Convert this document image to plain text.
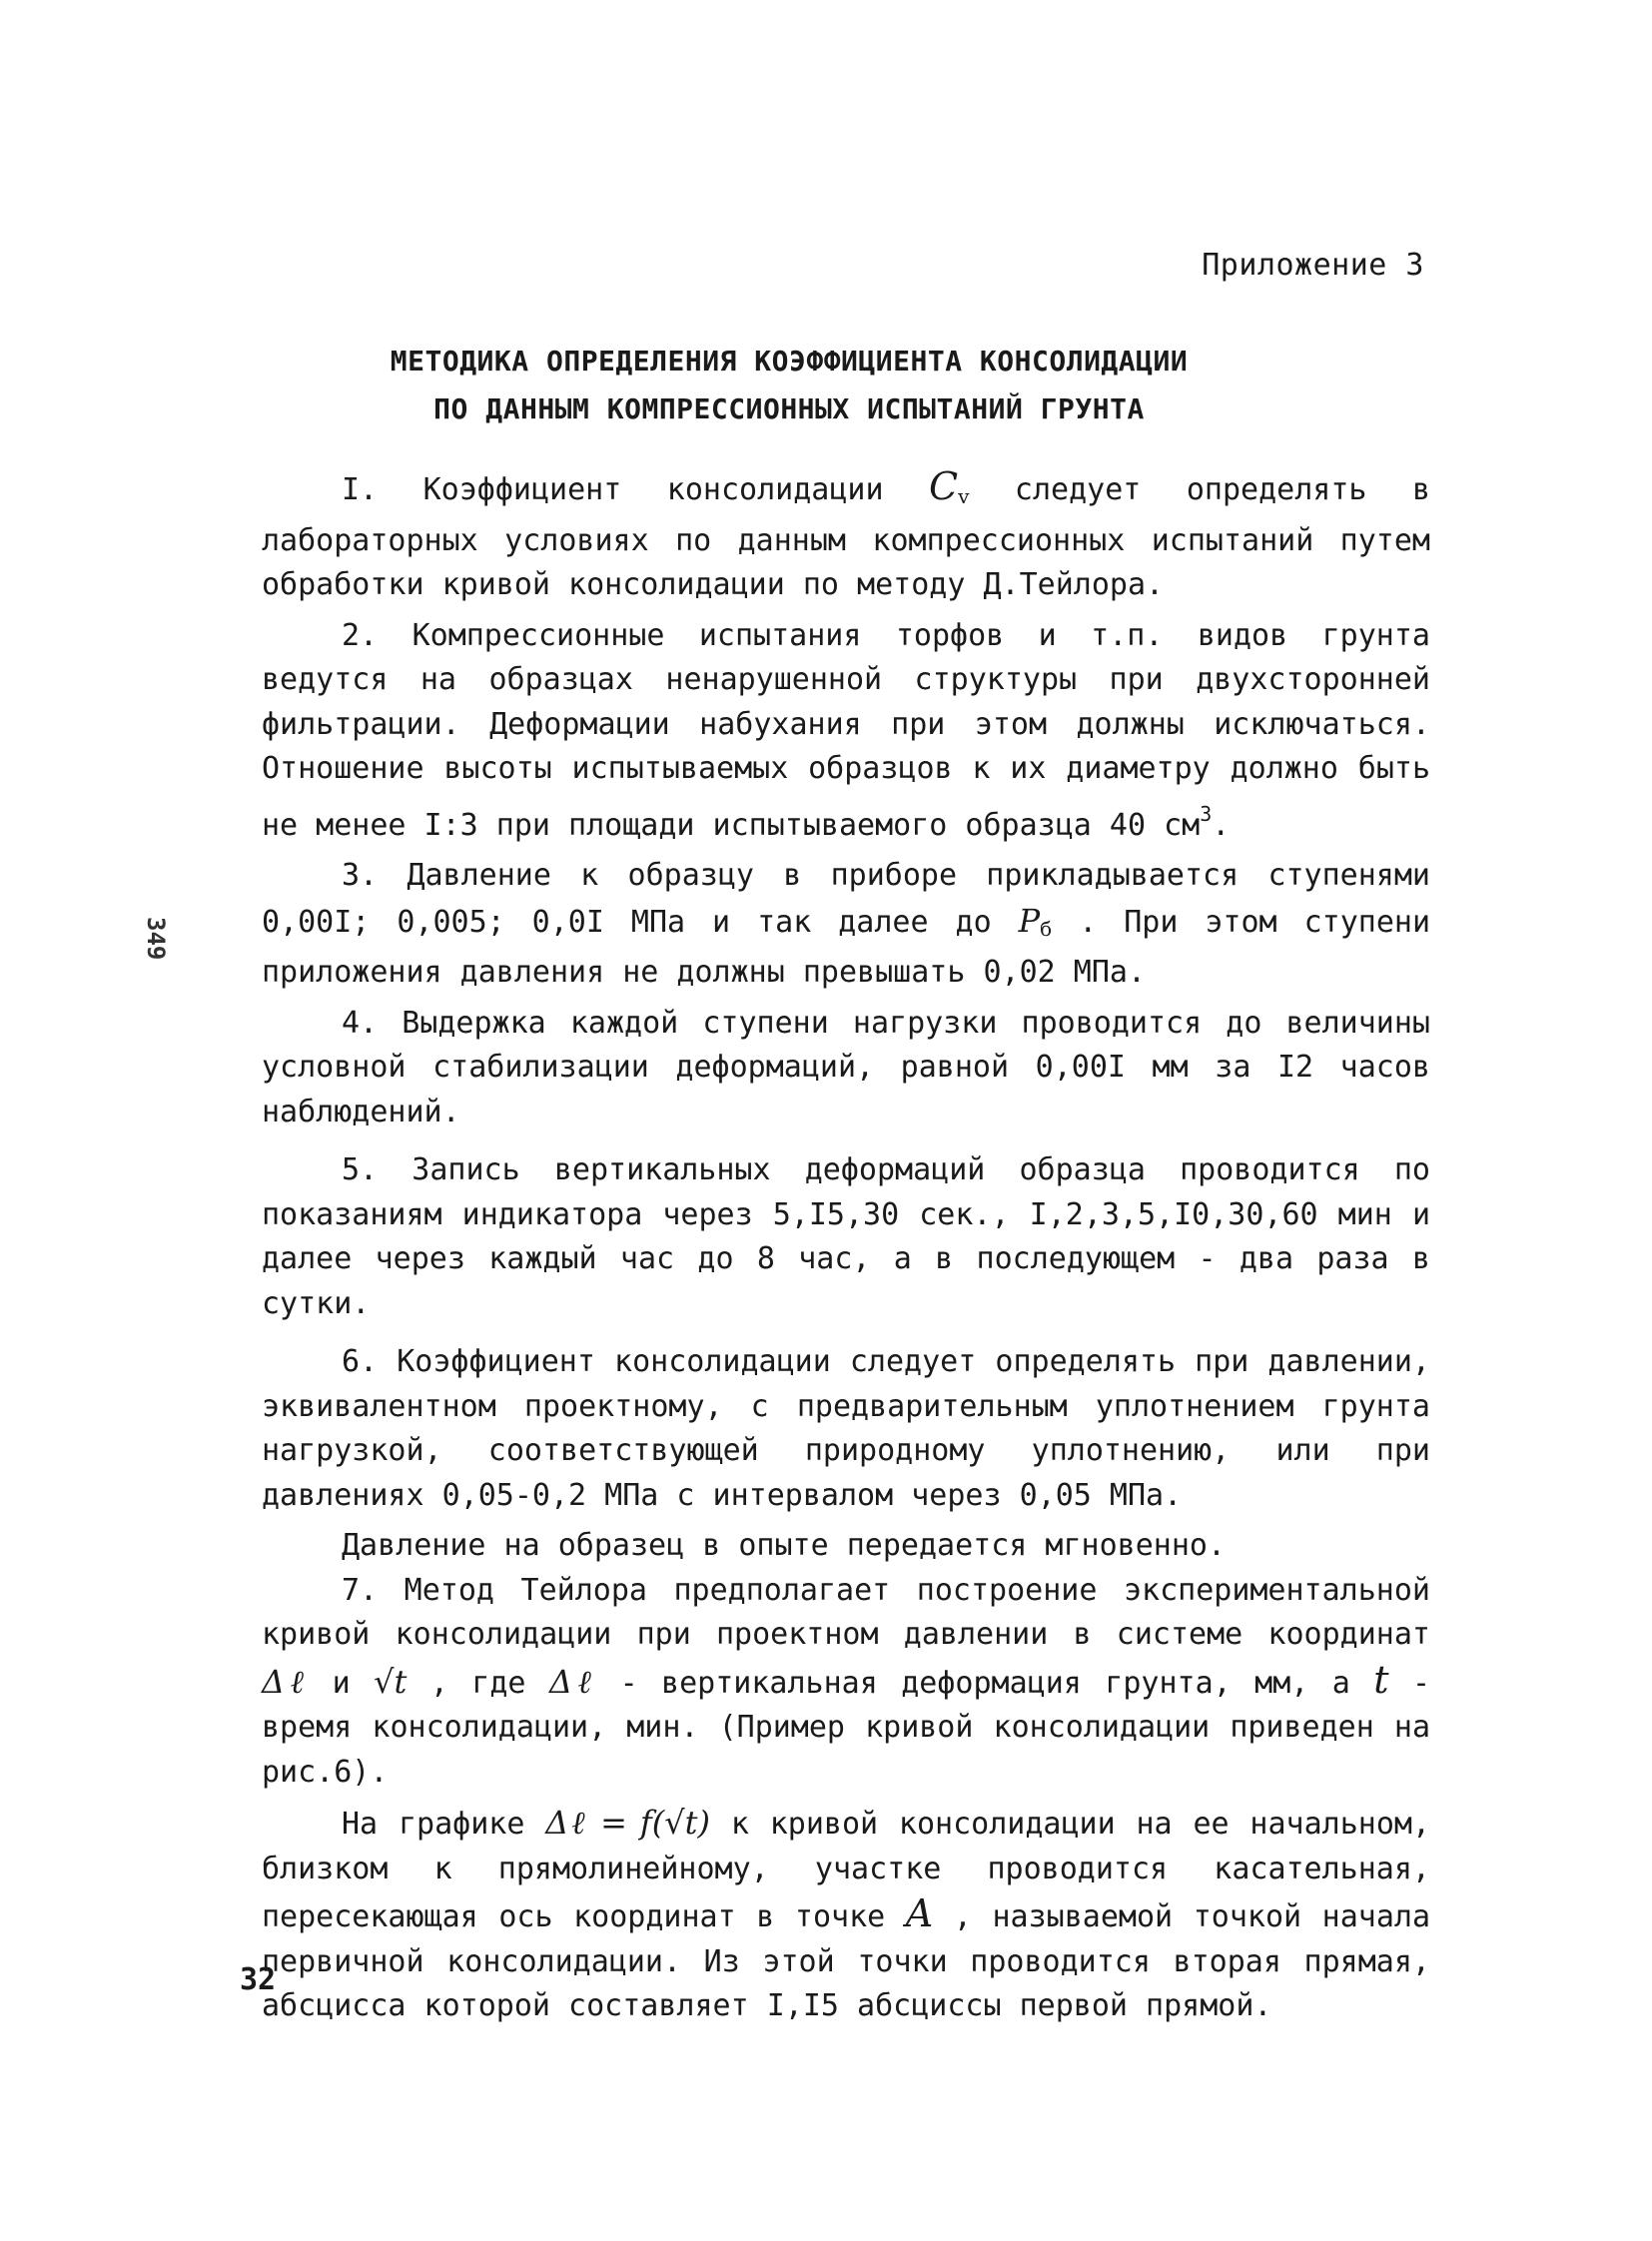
Приложение 3
МЕТОДИКА ОПРЕДЕЛЕНИЯ КОЭФФИЦИЕНТА КОНСОЛИДАЦИИ
ПО ДАННЫМ КОМПРЕССИОННЫХ ИСПЫТАНИЙ ГРУНТА
349

I. Коэффициент консолидации $C_v$ следует определять в лабораторных условиях по данным компрессионных испытаний путем обработки кривой консолидации по методу Д.Тейлора.

2. Компрессионные испытания торфов и т.п. видов грунта ведутся на образцах ненарушенной структуры при двухсторонней фильтрации. Деформации набухания при этом должны исключаться. Отношение высоты испытываемых образцов к их диаметру должно быть не менее I:3 при площади испытываемого образца 40 $см^3$.

3. Давление к образцу в приборе прикладывается ступенями 0,00I; 0,005; 0,0I МПа и так далее до $P_б$ . При этом ступени приложения давления не должны превышать 0,02 МПа.

4. Выдержка каждой ступени нагрузки проводится до величины условной стабилизации деформаций, равной 0,00I мм за I2 часов наблюдений.

5. Запись вертикальных деформаций образца проводится по показаниям индикатора через 5,I5,30 сек., I,2,3,5,I0,30,60 мин и далее через каждый час до 8 час, а в последующем - два раза в сутки.

6. Коэффициент консолидации следует определять при давлении, эквивалентном проектному, с предварительным уплотнением грунта нагрузкой, соответствующей природному уплотнению, или при давлениях 0,05-0,2 МПа с интервалом через 0,05 МПа.

Давление на образец в опыте передается мгновенно.

7. Метод Тейлора предполагает построение экспериментальной кривой консолидации при проектном давлении в системе координат Δℓ и √t , где Δℓ - вертикальная деформация грунта, мм, а t - время консолидации, мин. (Пример кривой консолидации приведен на рис.6).

На графике Δℓ = f(√t) к кривой консолидации на ее начальном, близком к прямолинейному, участке проводится касательная, пересекающая ось координат в точке A , называемой точкой начала первичной консолидации. Из этой точки проводится вторая прямая, абсцисса которой составляет I,I5 абсциссы первой прямой.

32
